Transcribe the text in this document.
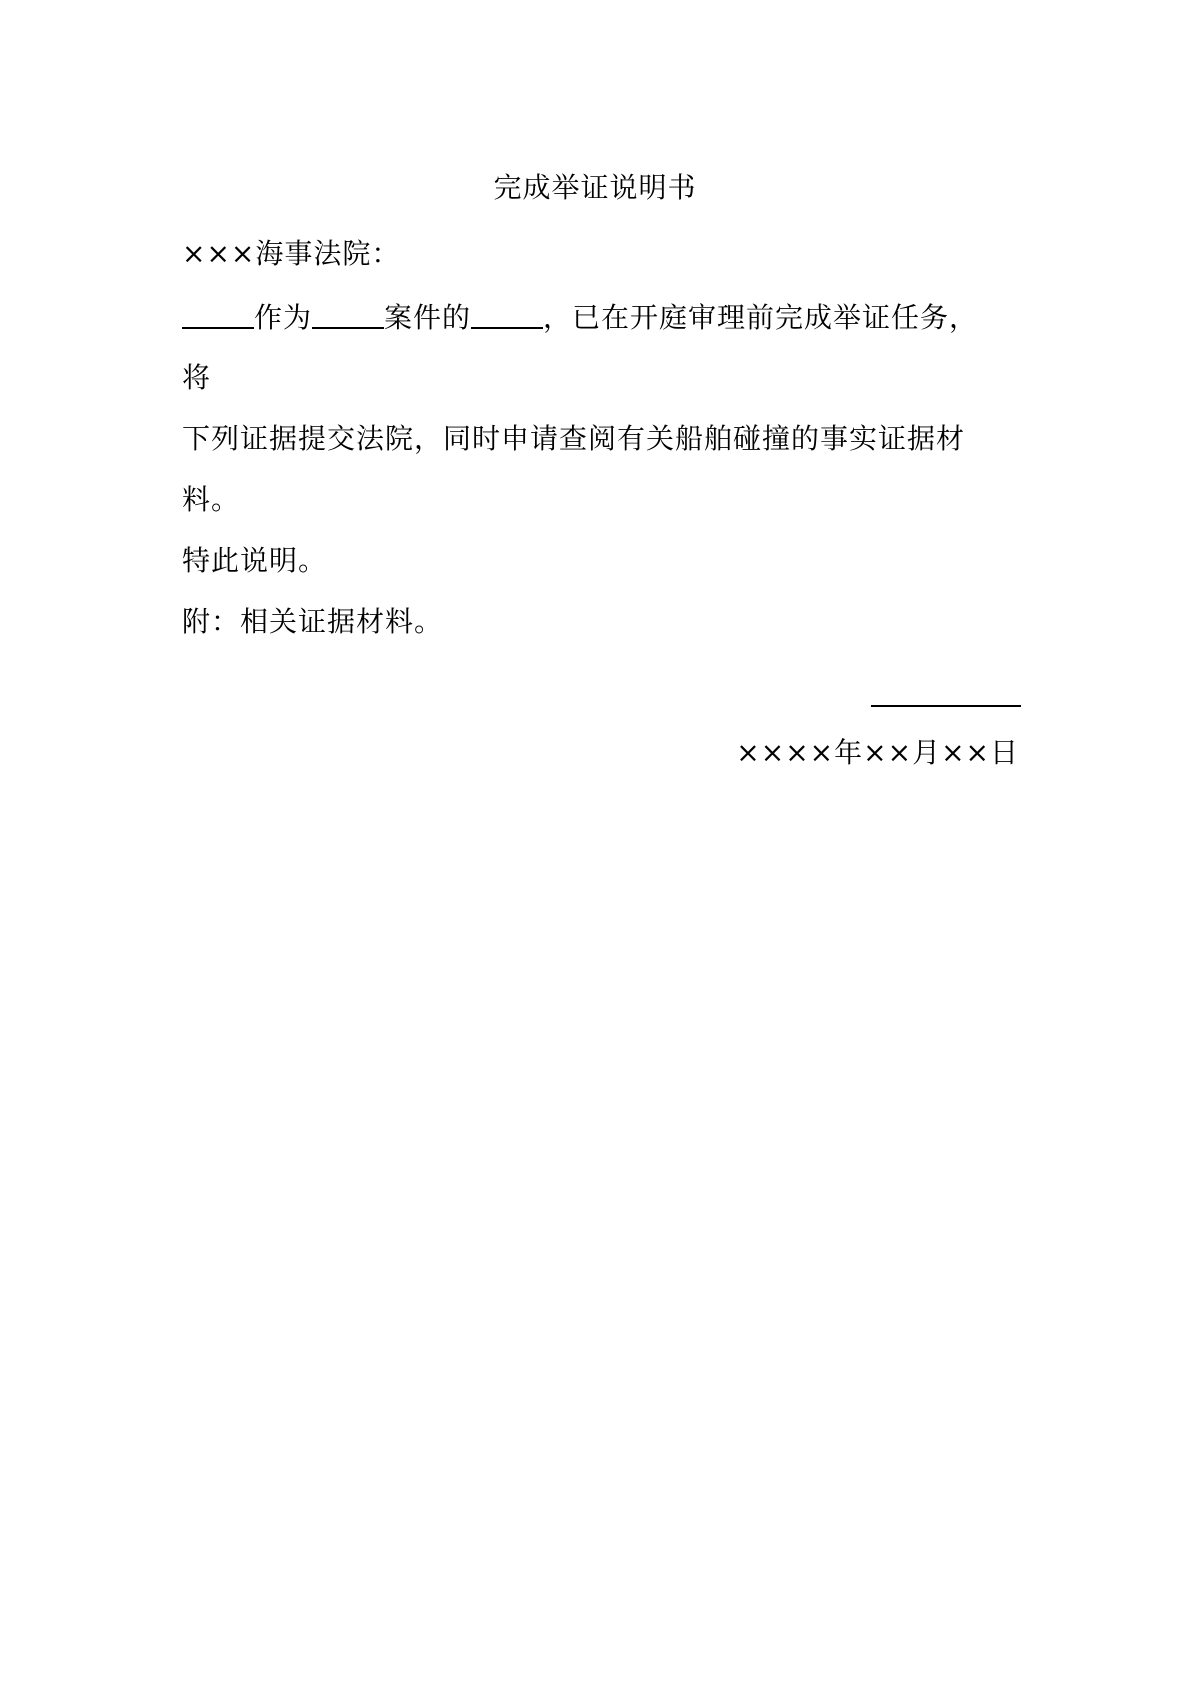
完成举证说明书
×××海事法院：
作为	案件的	，已在开庭审理前完成举证任务，
将
下列证据提交法院，同时申请查阅有关船舶碰撞的事实证据材
料。
特此说明。
附：相关证据材料。
××××年××月××日
